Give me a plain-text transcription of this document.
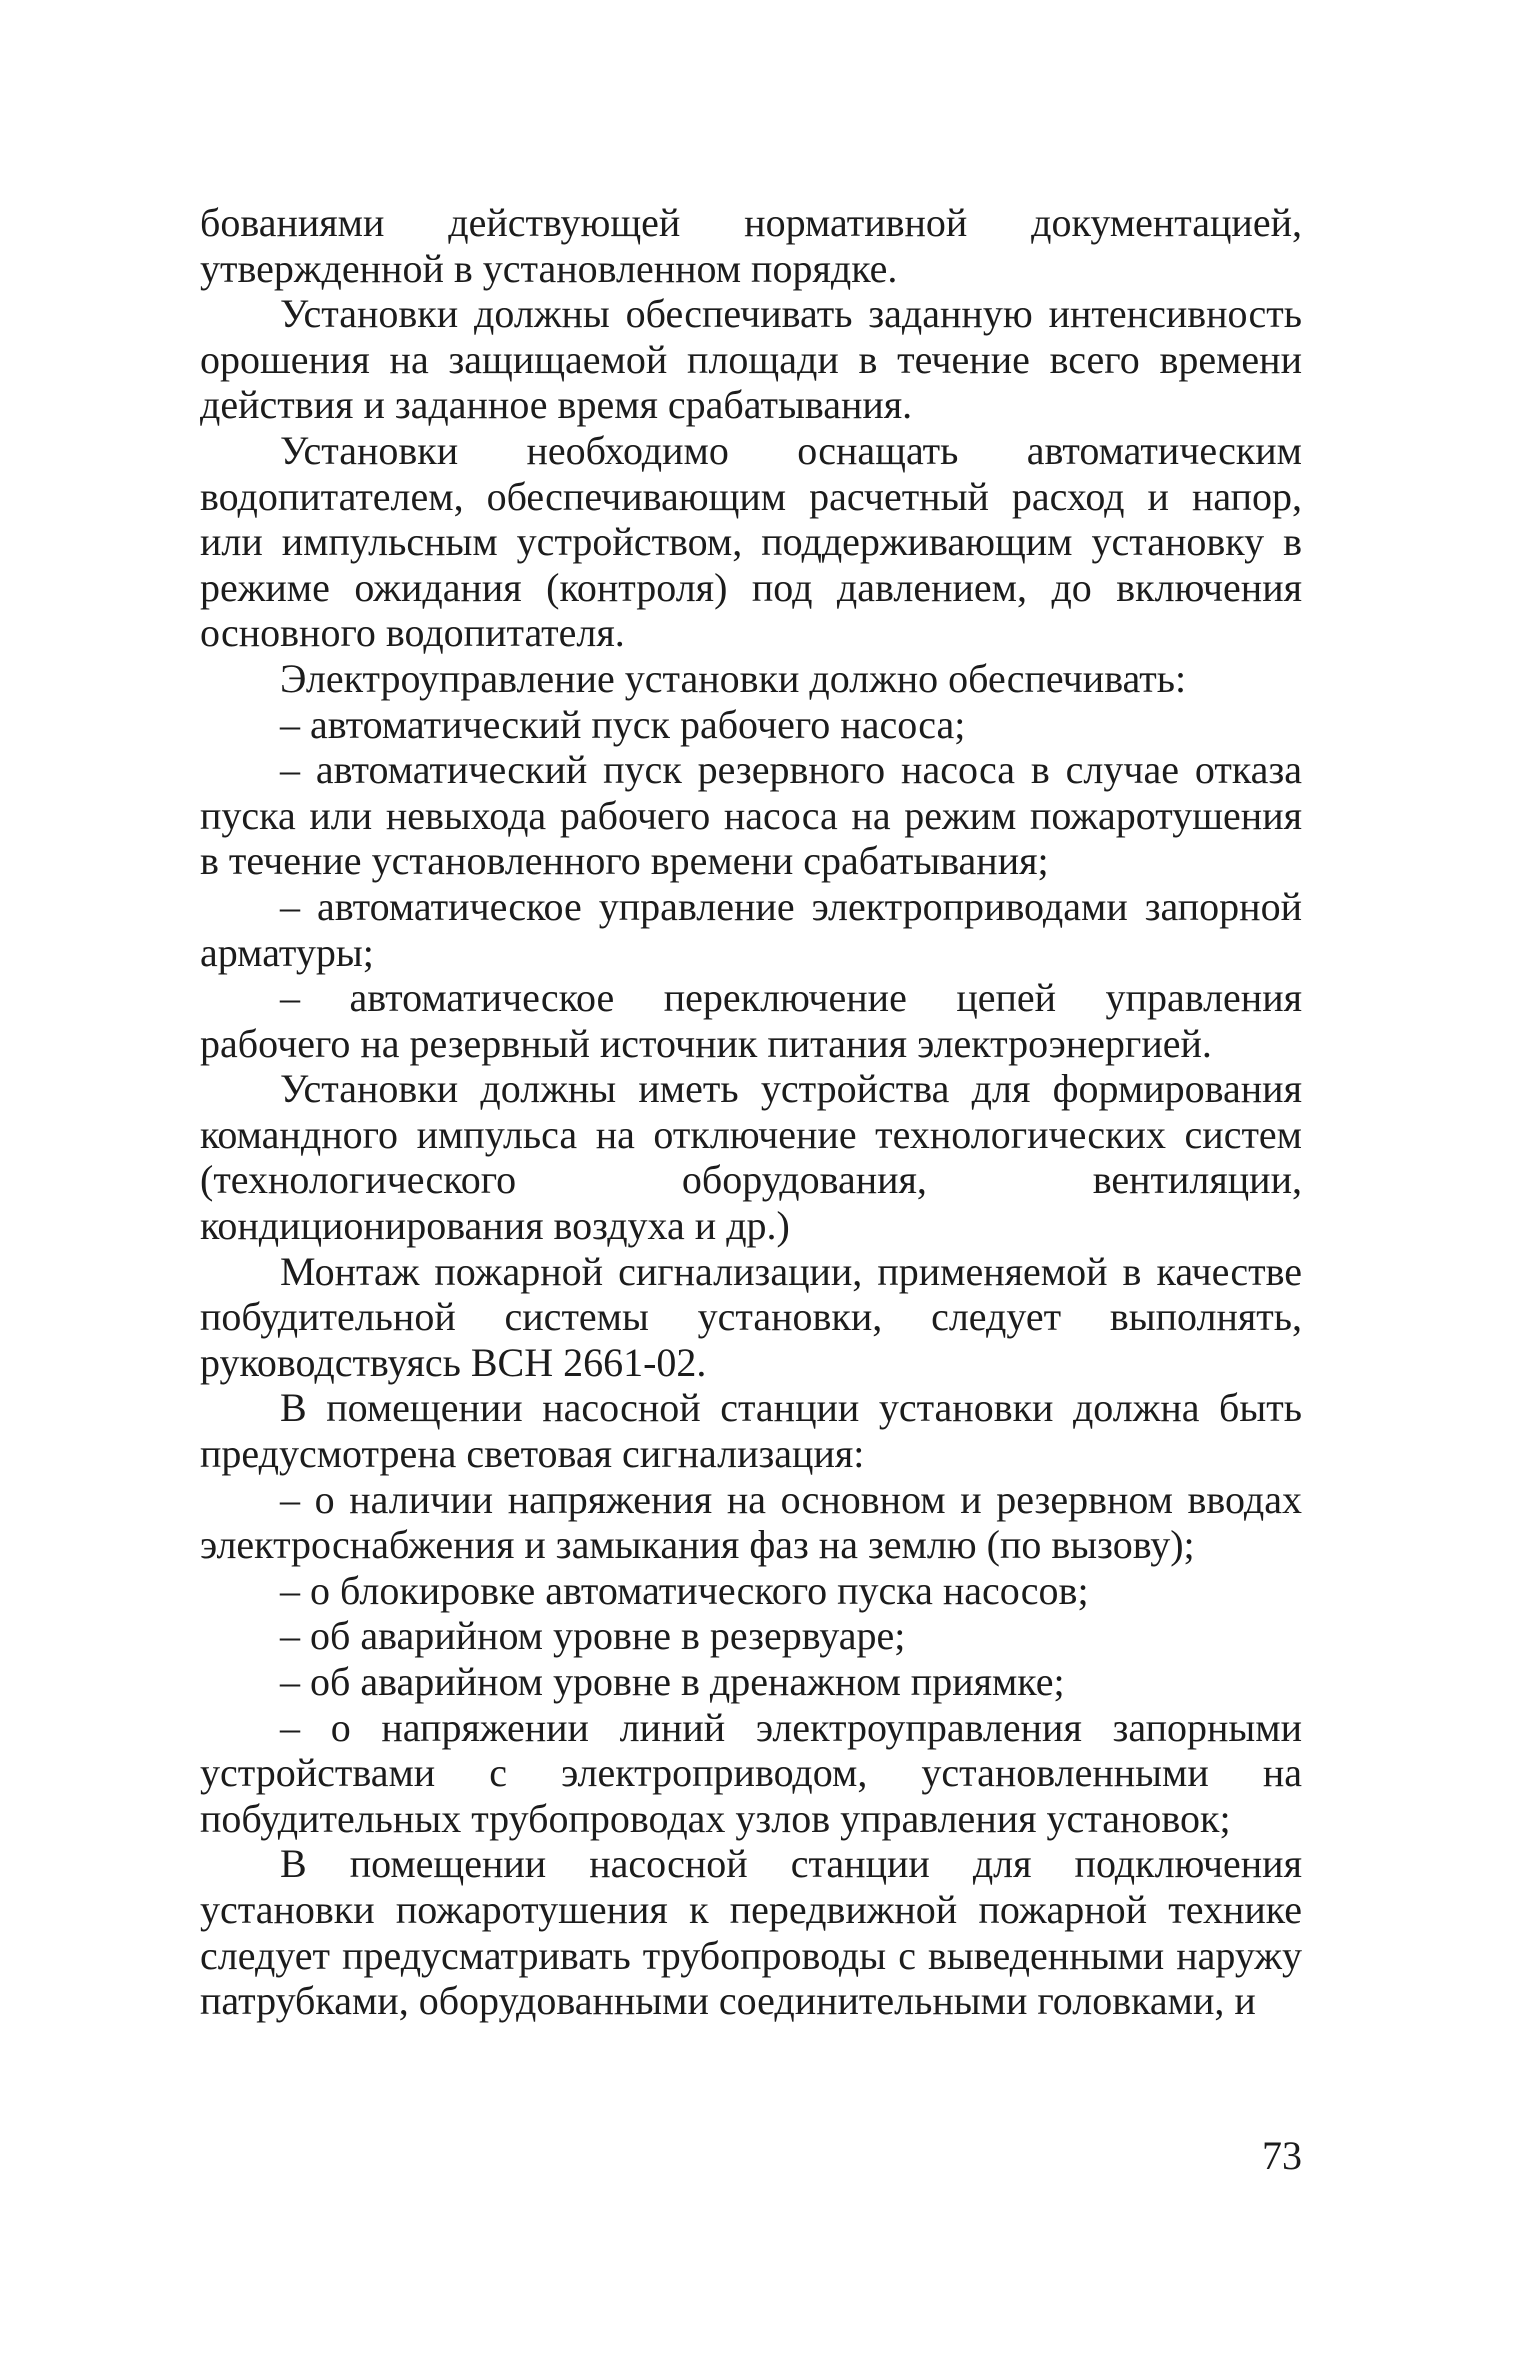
бованиями действующей нормативной документацией, утвержденной в установленном порядке.

Установки должны обеспечивать заданную интенсивность орошения на защищаемой площади в течение всего времени действия и заданное время срабатывания.

Установки необходимо оснащать автоматическим водопитателем, обеспечивающим расчетный расход и напор, или импульсным устройством, поддерживающим установку в режиме ожидания (контроля) под давлением, до включения основного водопитателя.

Электроуправление установки должно обеспечивать:

– автоматический пуск рабочего насоса;

– автоматический пуск резервного насоса в случае отказа пуска или невыхода рабочего насоса на режим пожаротушения в течение установленного времени срабатывания;

– автоматическое управление электроприводами запорной арматуры;

– автоматическое переключение цепей управления рабочего на резервный источник питания электроэнергией.

Установки должны иметь устройства для формирования командного импульса на отключение технологических систем (технологического оборудования, вентиляции, кондиционирования воздуха и др.)

Монтаж пожарной сигнализации, применяемой в качестве побудительной системы установки, следует выполнять, руководствуясь ВСН 2661-02.

В помещении насосной станции установки должна быть предусмотрена световая сигнализация:

– о наличии напряжения на основном и резервном вводах электроснабжения и замыкания фаз на землю (по вызову);

– о блокировке автоматического пуска насосов;

– об аварийном уровне в резервуаре;

– об аварийном уровне в дренажном приямке;

– о напряжении линий электроуправления запорными устройствами с электроприводом, установленными на побудительных трубопроводах узлов управления установок;

В помещении насосной станции для подключения установки пожаротушения к передвижной пожарной технике следует предусматривать трубопроводы с выведенными наружу патрубками, оборудованными соединительными головками, и

73
